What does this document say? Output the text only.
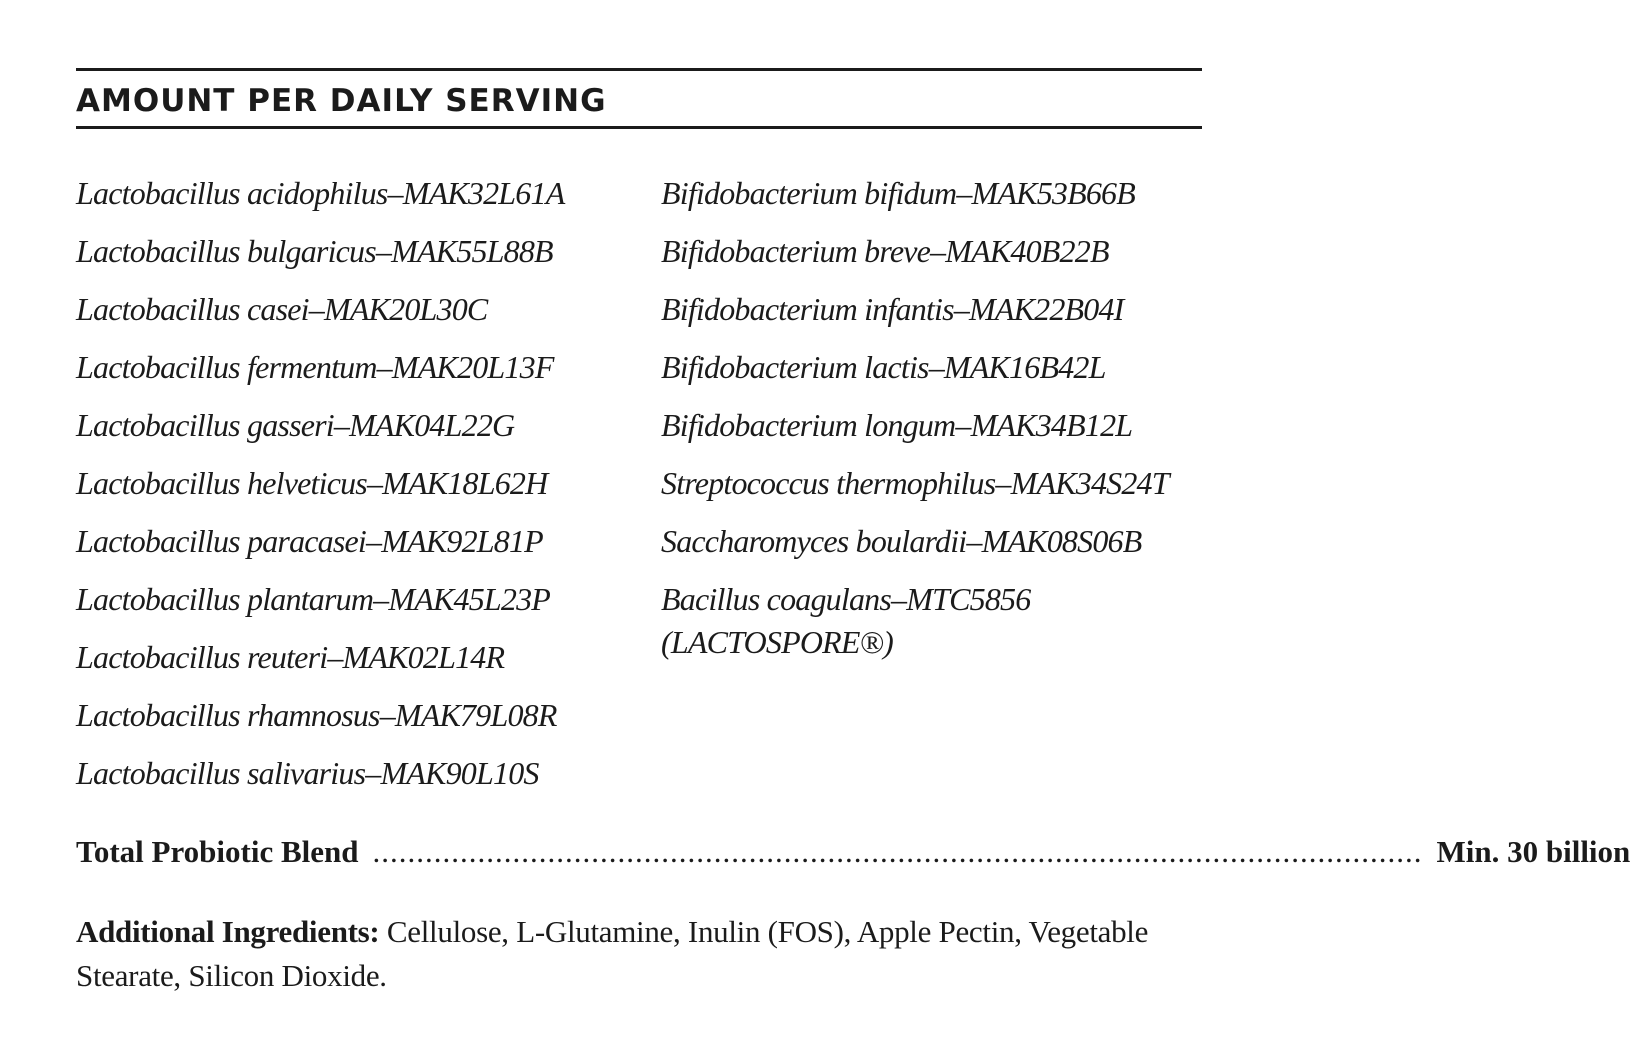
AMOUNT PER DAILY SERVING
Lactobacillus acidophilus–MAK32L61A
Lactobacillus bulgaricus–MAK55L88B
Lactobacillus casei–MAK20L30C
Lactobacillus fermentum–MAK20L13F
Lactobacillus gasseri–MAK04L22G
Lactobacillus helveticus–MAK18L62H
Lactobacillus paracasei–MAK92L81P
Lactobacillus plantarum–MAK45L23P
Lactobacillus reuteri–MAK02L14R
Lactobacillus rhamnosus–MAK79L08R
Lactobacillus salivarius–MAK90L10S
Bifidobacterium bifidum–MAK53B66B
Bifidobacterium breve–MAK40B22B
Bifidobacterium infantis–MAK22B04I
Bifidobacterium lactis–MAK16B42L
Bifidobacterium longum–MAK34B12L
Streptococcus thermophilus–MAK34S24T
Saccharomyces boulardii–MAK08S06B
Bacillus coagulans–MTC5856 (LACTOSPORE®)
Total Probiotic Blend ........................................................................................................................ Min. 30 billion
Additional Ingredients: Cellulose, L-Glutamine, Inulin (FOS), Apple Pectin, Vegetable Stearate, Silicon Dioxide.
